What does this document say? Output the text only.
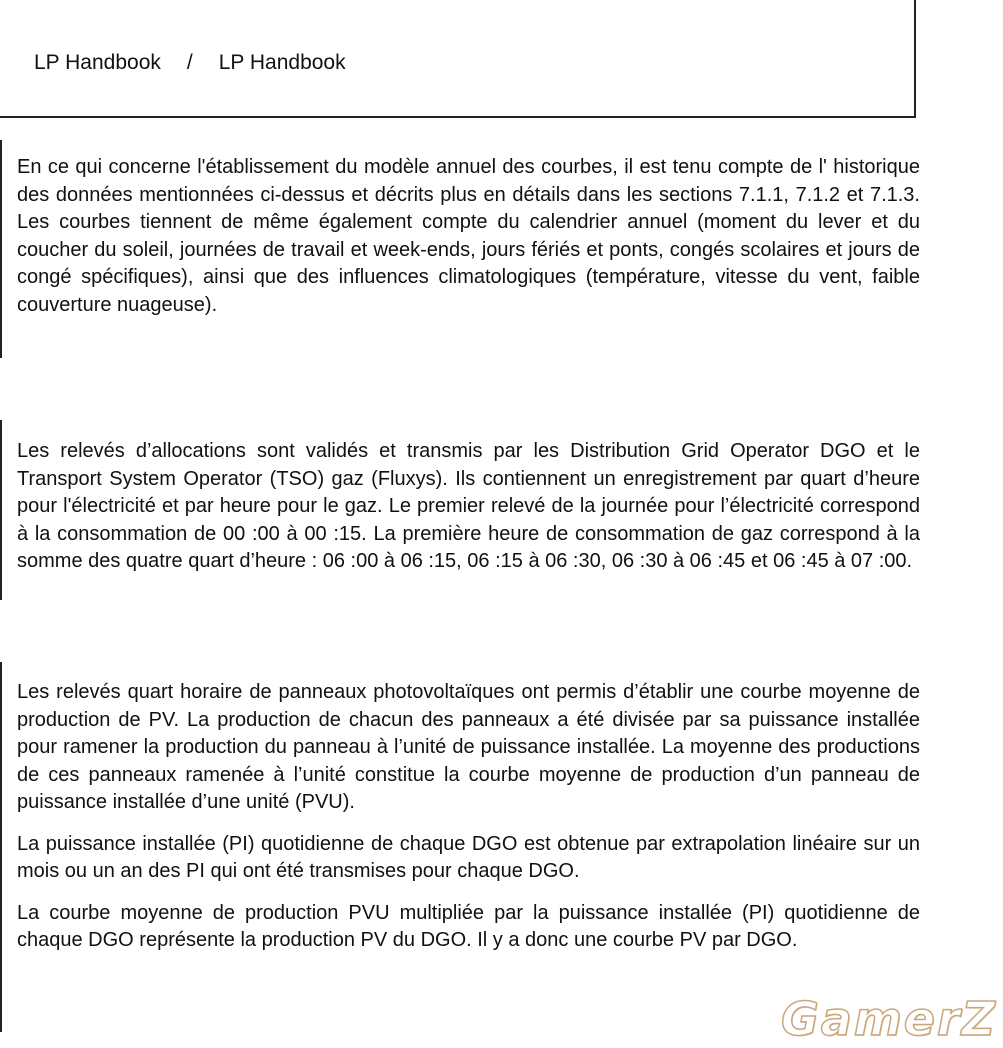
LP Handbook / LP Handbook

En ce qui concerne l'établissement du modèle annuel des courbes, il est tenu compte de l' historique des données mentionnées ci-dessus et décrits plus en détails dans les sections 7.1.1, 7.1.2 et 7.1.3. Les courbes tiennent de même également compte du calendrier annuel (moment du lever et du coucher du soleil, journées de travail et week-ends, jours fériés et ponts, congés scolaires et jours de congé spécifiques), ainsi que des influences climatologiques (température, vitesse du vent, faible couverture nuageuse).

Les relevés d’allocations sont validés et transmis par les Distribution Grid Operator DGO et le Transport System Operator (TSO) gaz (Fluxys). Ils contiennent un enregistrement par quart d’heure pour l'électricité et par heure pour le gaz. Le premier relevé de la journée pour l’électricité correspond à la consommation de 00 :00 à 00 :15. La première heure de consommation de gaz correspond à la somme des quatre quart d’heure : 06 :00 à 06 :15, 06 :15 à 06 :30, 06 :30 à 06 :45 et 06 :45 à 07 :00.

Les relevés quart horaire de panneaux photovoltaïques ont permis d’établir une courbe moyenne de production de PV. La production de chacun des panneaux a été divisée par sa puissance installée pour ramener la production du panneau à l’unité de puissance installée. La moyenne des productions de ces panneaux ramenée à l’unité constitue la courbe moyenne de production d’un panneau de puissance installée d’une unité (PVU).

La puissance installée (PI) quotidienne de chaque DGO est obtenue par extrapolation linéaire sur un mois ou un an des PI qui ont été transmises pour chaque DGO.

La courbe moyenne de production PVU multipliée par la puissance installée (PI) quotidienne de chaque DGO représente la production PV du DGO. Il y a donc une courbe PV par DGO.

GamerZ
